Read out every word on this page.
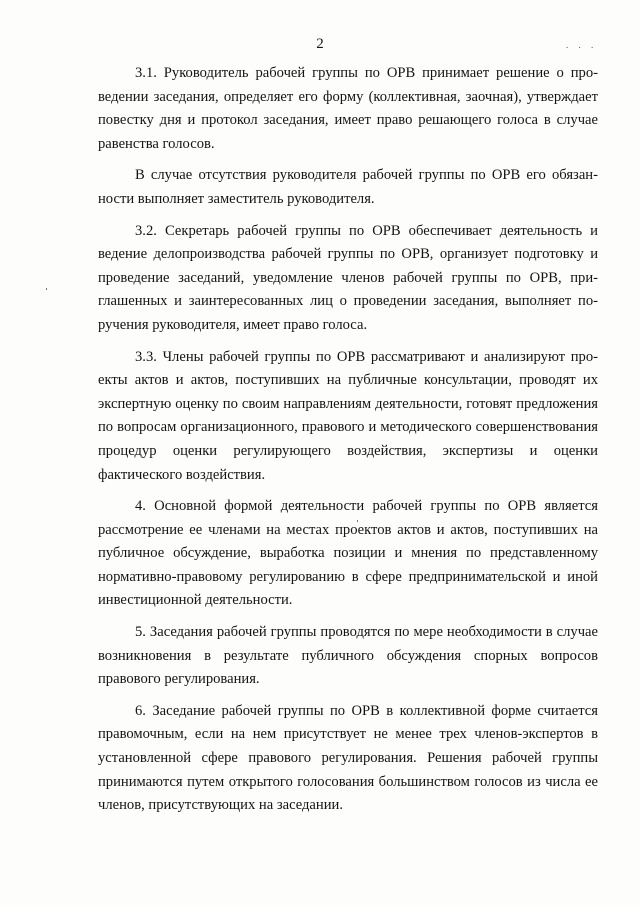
2	. . .

3.1. Руководитель рабочей группы по ОРВ принимает решение о проведении заседания, определяет его форму (коллективная, заочная), утверждает повестку дня и протокол заседания, имеет право решающего голоса в случае равенства голосов.

В случае отсутствия руководителя рабочей группы по ОРВ его обязанности выполняет заместитель руководителя.

3.2. Секретарь рабочей группы по ОРВ обеспечивает деятельность и ведение делопроизводства рабочей группы по ОРВ, организует подготовку и проведение заседаний, уведомление членов рабочей группы по ОРВ, приглашенных и заинтересованных лиц о проведении заседания, выполняет поручения руководителя, имеет право голоса.

3.3. Члены рабочей группы по ОРВ рассматривают и анализируют проекты актов и актов, поступивших на публичные консультации, проводят их экспертную оценку по своим направлениям деятельности, готовят предложения по вопросам организационного, правового и методического совершенствования процедур оценки регулирующего воздействия, экспертизы и оценки фактического воздействия.

4. Основной формой деятельности рабочей группы по ОРВ является рассмотрение ее членами на местах проектов актов и актов, поступивших на публичное обсуждение, выработка позиции и мнения по представленному нормативно-правовому регулированию в сфере предпринимательской и иной инвестиционной деятельности.

5. Заседания рабочей группы проводятся по мере необходимости в случае возникновения в результате публичного обсуждения спорных вопросов правового регулирования.

6. Заседание рабочей группы по ОРВ в коллективной форме считается правомочным, если на нем присутствует не менее трех членов-экспертов в установленной сфере правового регулирования. Решения рабочей группы принимаются путем открытого голосования большинством голосов из числа ее членов, присутствующих на заседании.
